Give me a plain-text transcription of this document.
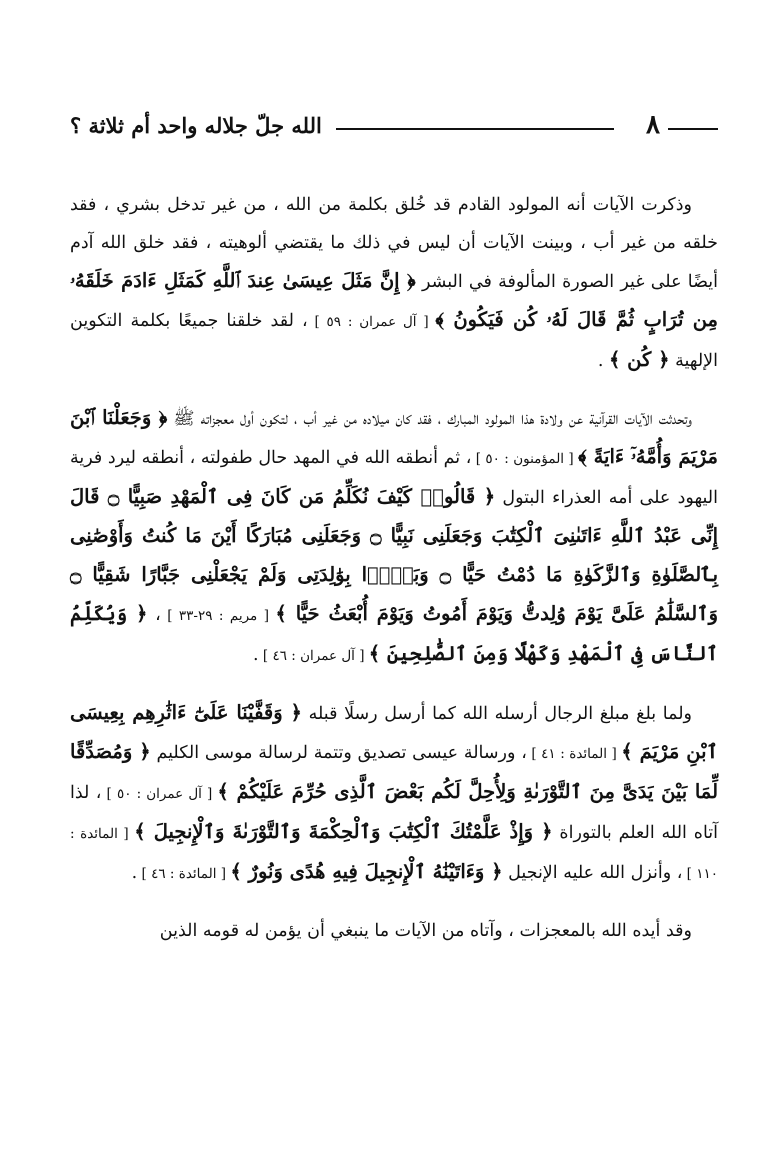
٨
الله جلّ جلاله واحد أم ثلاثة ؟

وذكرت الآيات أنه المولود القادم قد خُلق بكلمة من الله ، من غير تدخل بشري ، فقد خلقه من غير أب ، وبينت الآيات أن ليس في ذلك ما يقتضي ألوهيته ، فقد خلق الله آدم أيضًا على غير الصورة المألوفة في البشر ﴿ إِنَّ مَثَلَ عِيسَىٰ عِندَ ٱللَّهِ كَمَثَلِ ءَادَمَ خَلَقَهُۥ مِن تُرَابٍ ثُمَّ قَالَ لَهُۥ كُن فَيَكُونُ ﴾ [ آل عمران : ٥٩ ] ، لقد خلقنا جميعًا بكلمة التكوين الإلهية ﴿ كُن ﴾ .

وتحدثت الآيات القرآنية عن ولادة هذا المولود المبارك ، فقد كان ميلاده من غير أب ، لتكون أول معجزاته ﷺ ﴿ وَجَعَلْنَا ٱبْنَ مَرْيَمَ وَأُمَّهُۥٓ ءَايَةً ﴾ [ المؤمنون : ٥٠ ] ، ثم أنطقه الله في المهد حال طفولته ، أنطقه ليرد فرية اليهود على أمه العذراء البتول ﴿ قَالُوا۟ كَيْفَ نُكَلِّمُ مَن كَانَ فِى ٱلْمَهْدِ صَبِيًّا ۝ قَالَ إِنِّى عَبْدُ ٱللَّهِ ءَاتَىٰنِىَ ٱلْكِتَٰبَ وَجَعَلَنِى نَبِيًّا ۝ وَجَعَلَنِى مُبَارَكًا أَيْنَ مَا كُنتُ وَأَوْصَٰنِى بِٱلصَّلَوٰةِ وَٱلزَّكَوٰةِ مَا دُمْتُ حَيًّا ۝ وَبَرًّۢا بِوَٰلِدَتِى وَلَمْ يَجْعَلْنِى جَبَّارًا شَقِيًّا ۝ وَٱلسَّلَٰمُ عَلَىَّ يَوْمَ وُلِدتُّ وَيَوْمَ أَمُوتُ وَيَوْمَ أُبْعَثُ حَيًّا ﴾ [ مريم : ٢٩-٣٣ ] ، ﴿ وَيُكَلِّمُ ٱلنَّاسَ فِى ٱلْمَهْدِ وَكَهْلًا وَمِنَ ٱلصَّٰلِحِينَ ﴾ [ آل عمران : ٤٦ ] .

ولما بلغ مبلغ الرجال أرسله الله كما أرسل رسلًا قبله ﴿ وَقَفَّيْنَا عَلَىٰٓ ءَاثَٰرِهِم بِعِيسَى ٱبْنِ مَرْيَمَ ﴾ [ المائدة : ٤١ ] ، ورسالة عيسى تصديق وتتمة لرسالة موسى الكليم ﴿ وَمُصَدِّقًا لِّمَا بَيْنَ يَدَىَّ مِنَ ٱلتَّوْرَىٰةِ وَلِأُحِلَّ لَكُم بَعْضَ ٱلَّذِى حُرِّمَ عَلَيْكُمْ ﴾ [ آل عمران : ٥٠ ] ، لذا آتاه الله العلم بالتوراة ﴿ وَإِذْ عَلَّمْتُكَ ٱلْكِتَٰبَ وَٱلْحِكْمَةَ وَٱلتَّوْرَىٰةَ وَٱلْإِنجِيلَ ﴾ [ المائدة : ١١٠ ] ، وأنزل الله عليه الإنجيل ﴿ وَءَاتَيْنَٰهُ ٱلْإِنجِيلَ فِيهِ هُدًى وَنُورٌ ﴾ [ المائدة : ٤٦ ] .

وقد أيده الله بالمعجزات ، وآتاه من الآيات ما ينبغي أن يؤمن له قومه الذين
